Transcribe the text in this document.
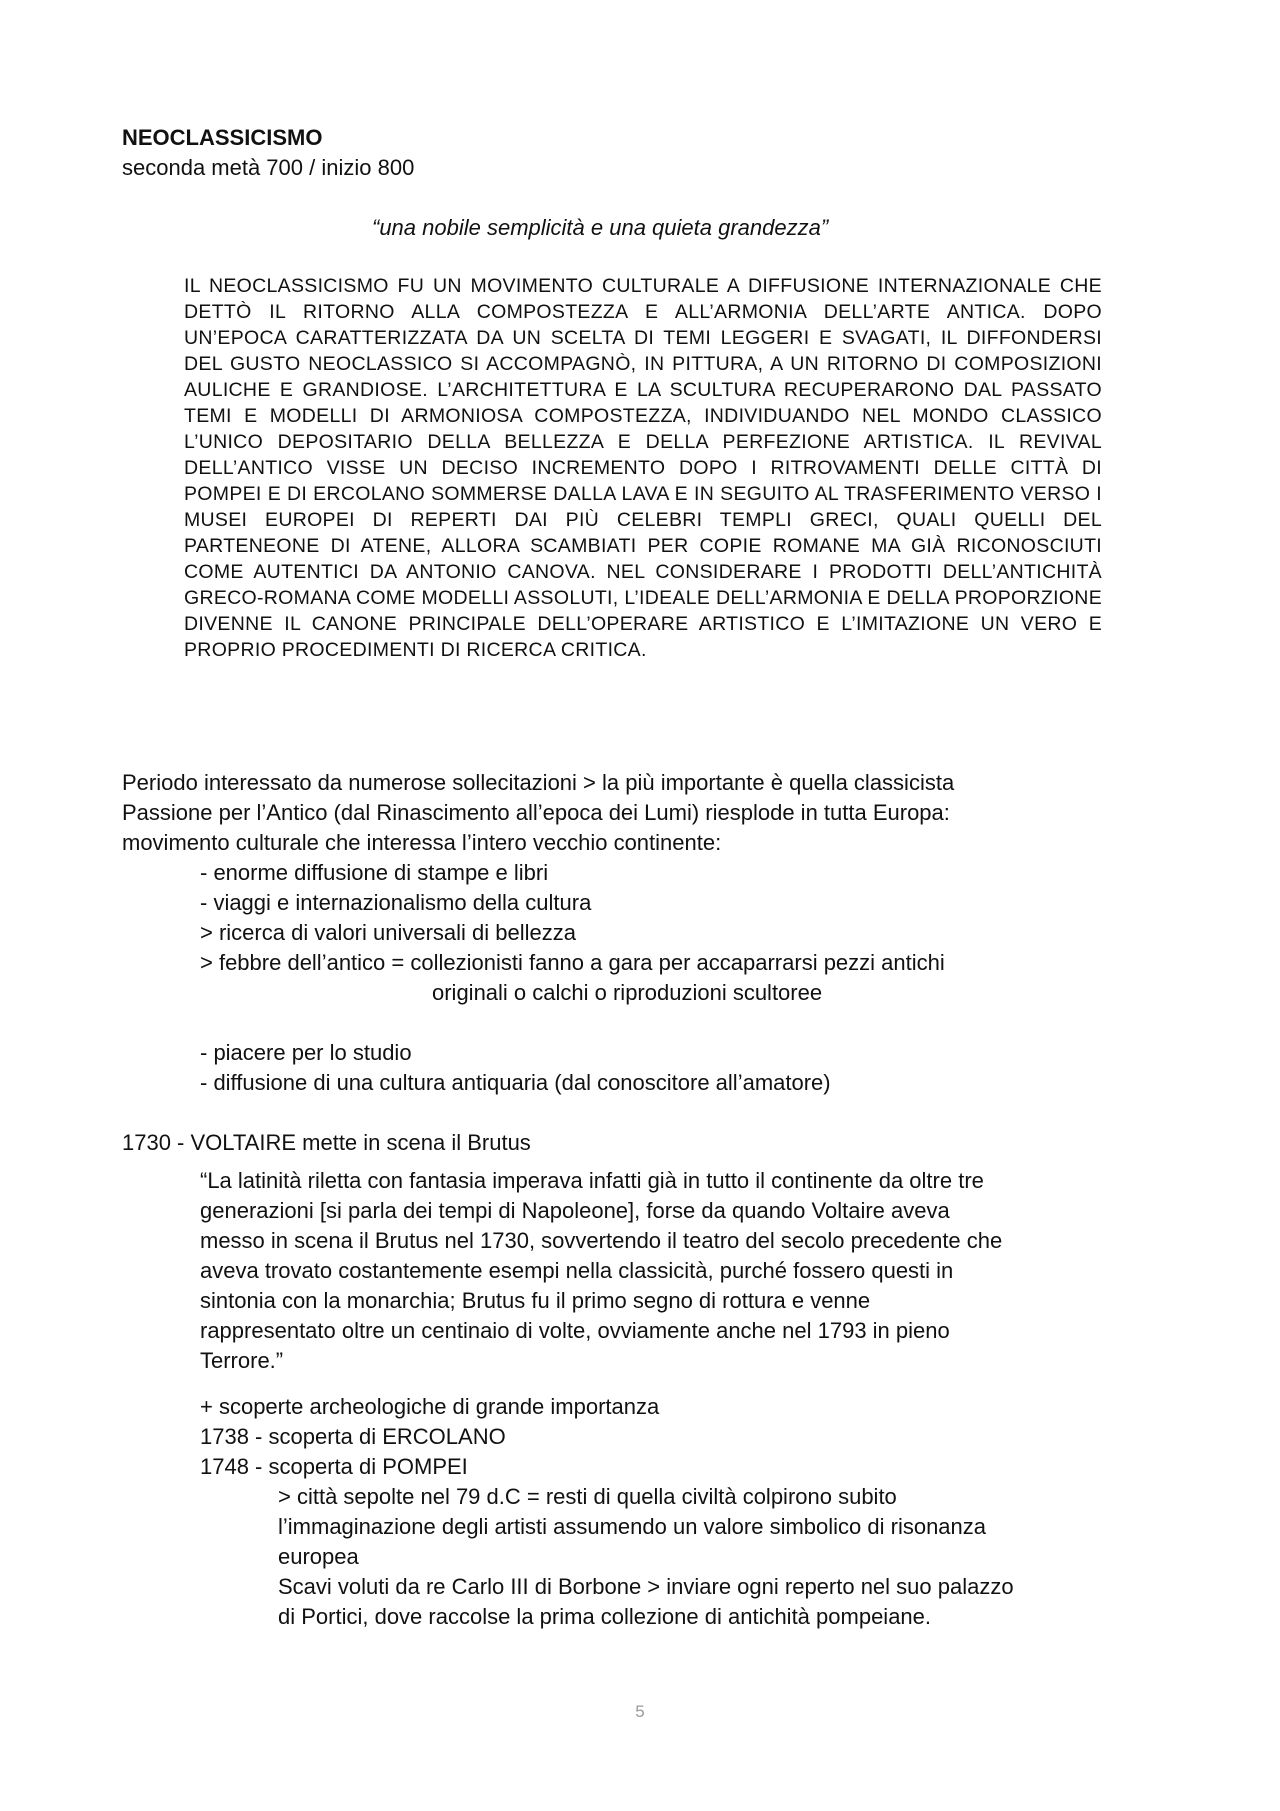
NEOCLASSICISMO
seconda metà 700 / inizio 800
“una nobile semplicità e una quieta grandezza”

IL NEOCLASSICISMO FU UN MOVIMENTO CULTURALE A DIFFUSIONE INTERNAZIONALE CHE DETTÒ IL RITORNO ALLA COMPOSTEZZA E ALL’ARMONIA DELL’ARTE ANTICA. DOPO UN’EPOCA CARATTERIZZATA DA UN SCELTA DI TEMI LEGGERI E SVAGATI, IL DIFFONDERSI DEL GUSTO NEOCLASSICO SI ACCOMPAGNÒ, IN PITTURA, A UN RITORNO DI COMPOSIZIONI AULICHE E GRANDIOSE. L’ARCHITETTURA E LA SCULTURA RECUPERARONO DAL PASSATO TEMI E MODELLI DI ARMONIOSA COMPOSTEZZA, INDIVIDUANDO NEL MONDO CLASSICO L’UNICO DEPOSITARIO DELLA BELLEZZA E DELLA PERFEZIONE ARTISTICA. IL REVIVAL DELL’ANTICO VISSE UN DECISO INCREMENTO DOPO I RITROVAMENTI DELLE CITTÀ DI POMPEI E DI ERCOLANO SOMMERSE DALLA LAVA E IN SEGUITO AL TRASFERIMENTO VERSO I MUSEI EUROPEI DI REPERTI DAI PIÙ CELEBRI TEMPLI GRECI, QUALI QUELLI DEL PARTENEONE DI ATENE, ALLORA SCAMBIATI PER COPIE ROMANE MA GIÀ RICONOSCIUTI COME AUTENTICI DA ANTONIO CANOVA. NEL CONSIDERARE I PRODOTTI DELL’ANTICHITÀ GRECO-ROMANA COME MODELLI ASSOLUTI, L’IDEALE DELL’ARMONIA E DELLA PROPORZIONE DIVENNE IL CANONE PRINCIPALE DELL’OPERARE ARTISTICO E L’IMITAZIONE UN VERO E PROPRIO PROCEDIMENTI DI RICERCA CRITICA.

Periodo interessato da numerose sollecitazioni > la più importante è quella classicista
Passione per l’Antico (dal Rinascimento all’epoca dei Lumi) riesplode in tutta Europa:
movimento culturale che interessa l’intero vecchio continente:
- enorme diffusione di stampe e libri
- viaggi e internazionalismo della cultura
> ricerca di valori universali di bellezza
> febbre dell’antico = collezionisti fanno a gara per accaparrarsi pezzi antichi
originali o calchi o riproduzioni scultoree
- piacere per lo studio
- diffusione di una cultura antiquaria (dal conoscitore all’amatore)
1730 - VOLTAIRE mette in scena il Brutus
“La latinità riletta con fantasia imperava infatti già in tutto il continente da oltre tre
generazioni [si parla dei tempi di Napoleone], forse da quando Voltaire aveva
messo in scena il Brutus nel 1730, sovvertendo il teatro del secolo precedente che
aveva trovato costantemente esempi nella classicità, purché fossero questi in
sintonia con la monarchia; Brutus fu il primo segno di rottura e venne
rappresentato oltre un centinaio di volte, ovviamente anche nel 1793 in pieno
Terrore.”
+ scoperte archeologiche di grande importanza
1738 - scoperta di ERCOLANO
1748 - scoperta di POMPEI
> città sepolte nel 79 d.C = resti di quella civiltà colpirono subito
l’immaginazione degli artisti assumendo un valore simbolico di risonanza
europea
Scavi voluti da re Carlo III di Borbone > inviare ogni reperto nel suo palazzo
di Portici, dove raccolse la prima collezione di antichità pompeiane.
5
